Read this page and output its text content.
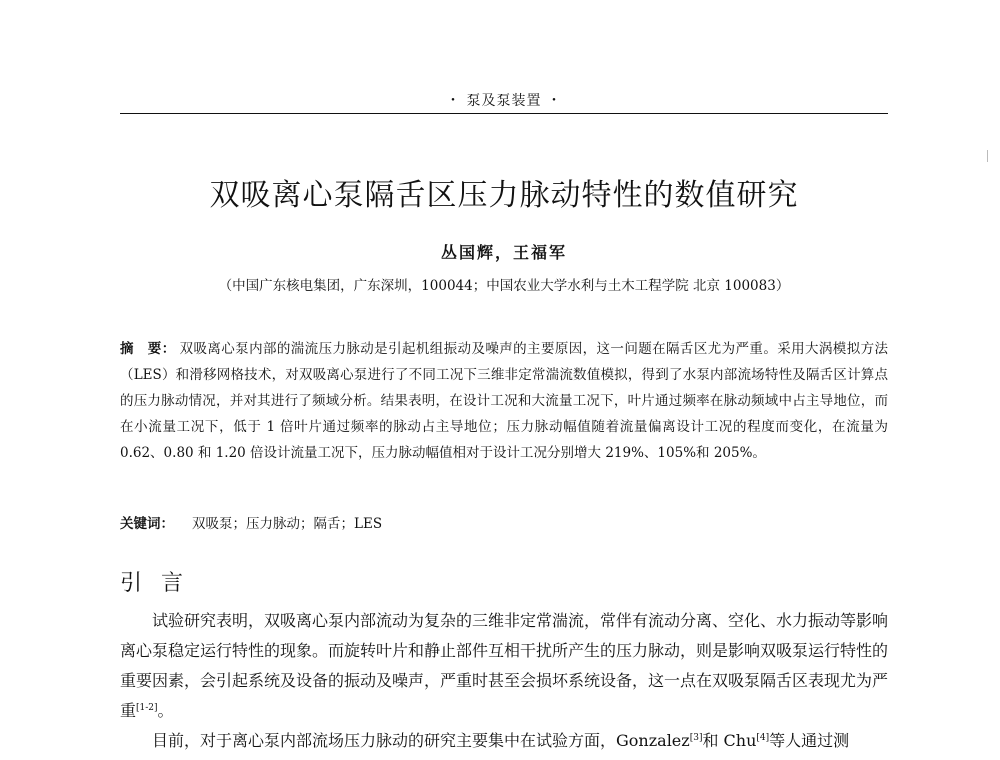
・ 泵及泵装置 ・
双吸离心泵隔舌区压力脉动特性的数值研究
丛国辉，王福军
（中国广东核电集团，广东深圳，100044；中国农业大学水利与土木工程学院 北京 100083）
摘　要： 双吸离心泵内部的湍流压力脉动是引起机组振动及噪声的主要原因，这一问题在隔舌区尤为严重。采用大涡模拟方法（LES）和滑移网格技术，对双吸离心泵进行了不同工况下三维非定常湍流数值模拟，得到了水泵内部流场特性及隔舌区计算点的压力脉动情况，并对其进行了频域分析。结果表明，在设计工况和大流量工况下，叶片通过频率在脉动频域中占主导地位，而在小流量工况下，低于 1 倍叶片通过频率的脉动占主导地位；压力脉动幅值随着流量偏离设计工况的程度而变化，在流量为 0.62、0.80 和 1.20 倍设计流量工况下，压力脉动幅值相对于设计工况分别增大 219%、105%和 205%。
关键词： 双吸泵；压力脉动；隔舌；LES
引 言

试验研究表明，双吸离心泵内部流动为复杂的三维非定常湍流，常伴有流动分离、空化、水力振动等影响离心泵稳定运行特性的现象。而旋转叶片和静止部件互相干扰所产生的压力脉动，则是影响双吸泵运行特性的重要因素，会引起系统及设备的振动及噪声，严重时甚至会损坏系统设备，这一点在双吸泵隔舌区表现尤为严重[1-2]。

目前，对于离心泵内部流场压力脉动的研究主要集中在试验方面，Gonzalez[3]和 Chu[4]等人通过测
